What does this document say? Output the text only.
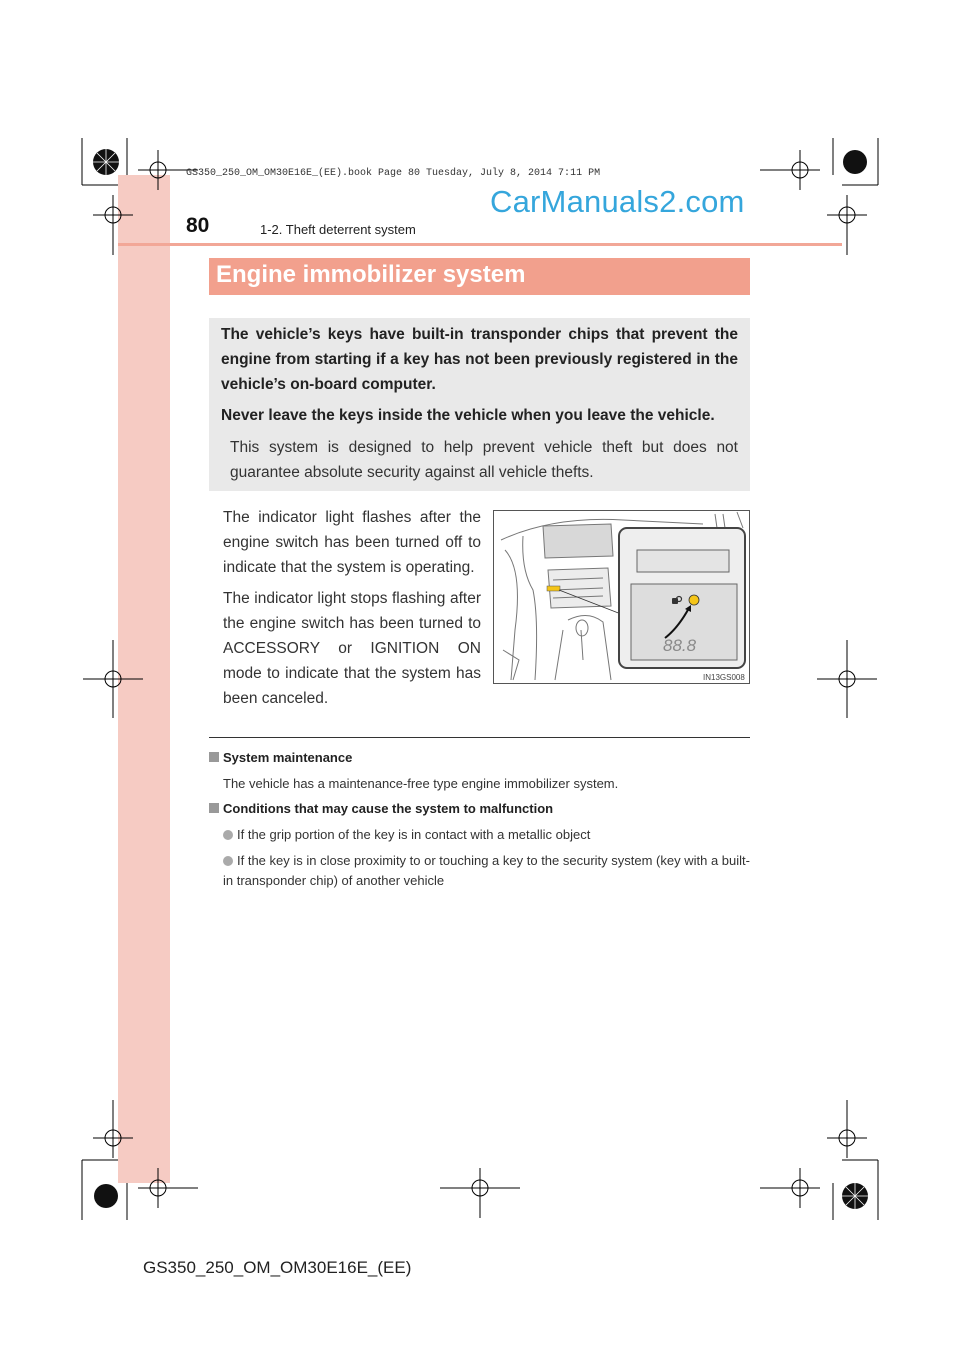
GS350_250_OM_OM30E16E_(EE).book Page 80 Tuesday, July 8, 2014 7:11 PM
CarManuals2.com
80	1-2. Theft deterrent system
Engine immobilizer system
The vehicle’s keys have built-in transponder chips that prevent the engine from starting if a key has not been previously registered in the vehicle’s on-board computer.
Never leave the keys inside the vehicle when you leave the vehicle.
This system is designed to help prevent vehicle theft but does not guarantee absolute security against all vehicle thefts.
The indicator light flashes after the engine switch has been turned off to indicate that the system is operating.
The indicator light stops flashing after the engine switch has been turned to ACCESSORY or IGNITION ON mode to indicate that the system has been canceled.
88.8
IN13GS008
System maintenance
The vehicle has a maintenance-free type engine immobilizer system.
Conditions that may cause the system to malfunction
If the grip portion of the key is in contact with a metallic object
If the key is in close proximity to or touching a key to the security system (key with a built-in transponder chip) of another vehicle
GS350_250_OM_OM30E16E_(EE)
